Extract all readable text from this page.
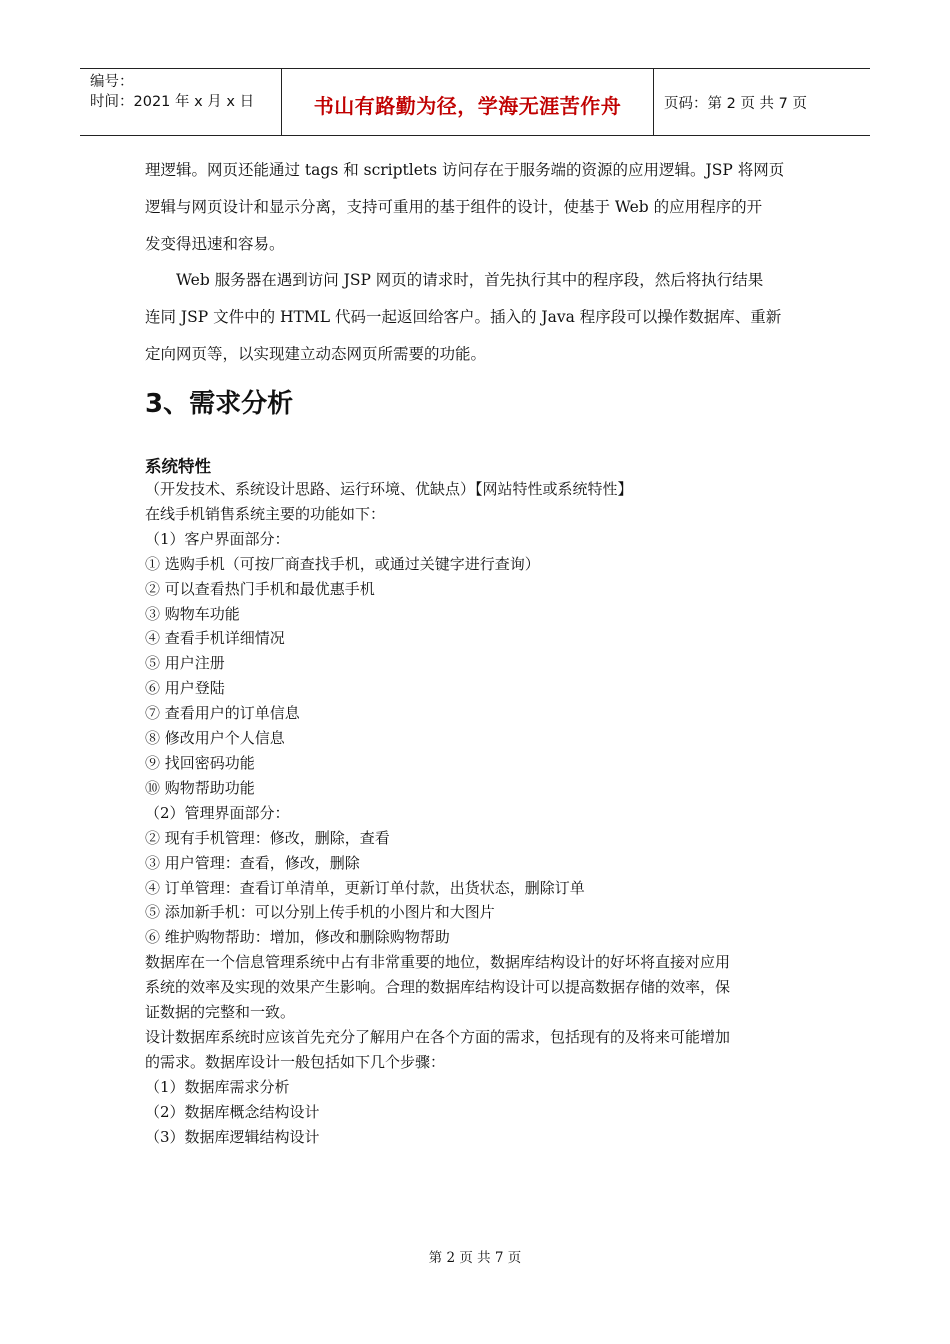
编号：
时间：2021 年 x 月 x 日	书山有路勤为径，学海无涯苦作舟	页码：第 2 页 共 7 页
理逻辑。网页还能通过 tags 和 scriptlets 访问存在于服务端的资源的应用逻辑。JSP 将网页
逻辑与网页设计和显示分离，支持可重用的基于组件的设计，使基于 Web 的应用程序的开
发变得迅速和容易。
　　Web 服务器在遇到访问 JSP 网页的请求时，首先执行其中的程序段，然后将执行结果
连同 JSP 文件中的 HTML 代码一起返回给客户。插入的 Java 程序段可以操作数据库、重新
定向网页等，以实现建立动态网页所需要的功能。
3、需求分析
系统特性
（开发技术、系统设计思路、运行环境、优缺点）【网站特性或系统特性】
在线手机销售系统主要的功能如下：
（1）客户界面部分：
① 选购手机（可按厂商查找手机，或通过关键字进行查询）
② 可以查看热门手机和最优惠手机
③ 购物车功能
④ 查看手机详细情况
⑤ 用户注册
⑥ 用户登陆
⑦ 查看用户的订单信息
⑧ 修改用户个人信息
⑨ 找回密码功能
⑩ 购物帮助功能
（2）管理界面部分：
② 现有手机管理：修改，删除，查看
③ 用户管理：查看，修改，删除
④ 订单管理：查看订单清单，更新订单付款，出货状态，删除订单
⑤ 添加新手机：可以分别上传手机的小图片和大图片
⑥ 维护购物帮助：增加，修改和删除购物帮助
数据库在一个信息管理系统中占有非常重要的地位，数据库结构设计的好坏将直接对应用
系统的效率及实现的效果产生影响。合理的数据库结构设计可以提高数据存储的效率，保
证数据的完整和一致。
设计数据库系统时应该首先充分了解用户在各个方面的需求，包括现有的及将来可能增加
的需求。数据库设计一般包括如下几个步骤：
（1）数据库需求分析
（2）数据库概念结构设计
（3）数据库逻辑结构设计
第 2 页 共 7 页
